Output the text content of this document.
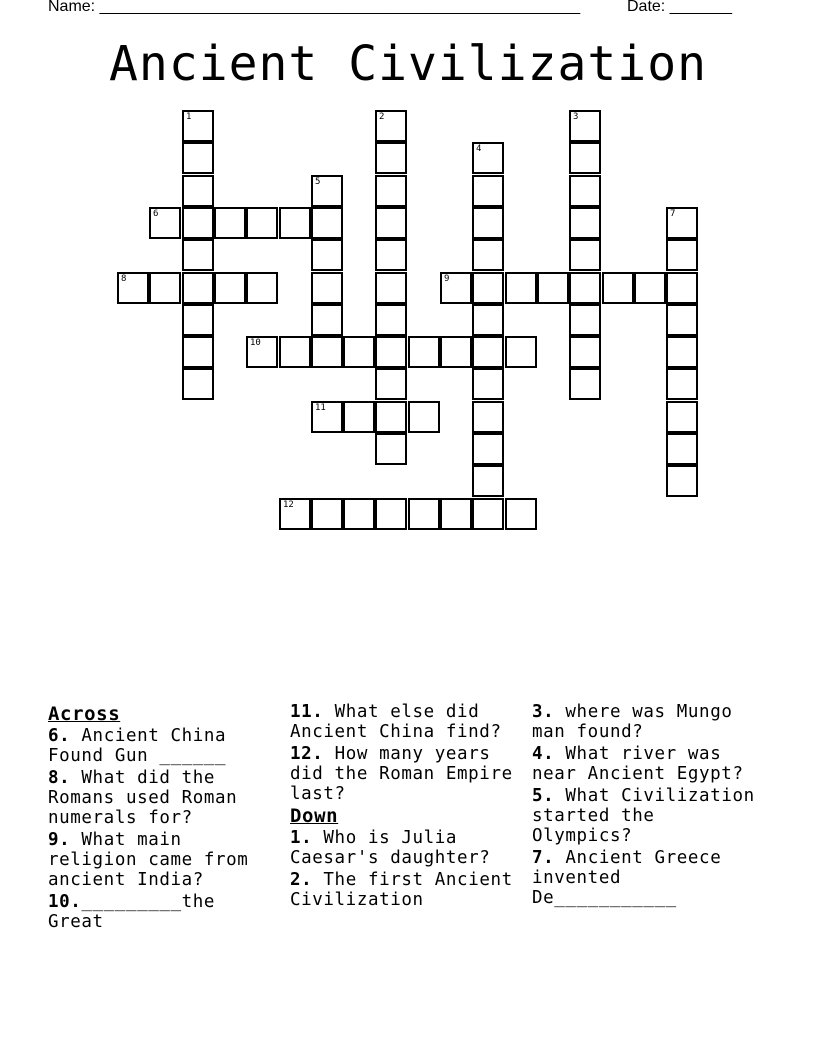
Name: ______________________________________________________	Date: _______
Ancient Civilization
6
8	9
10
11
12
1	2	3
4
5
7
Across
6. Ancient China Found Gun ______
8. What did the Romans used Roman numerals for?
9. What main religion came from ancient India?
10._________the Great
11. What else did Ancient China find?
12. How many years did the Roman Empire last?
Down
1. Who is Julia Caesar's daughter?
2. The first Ancient Civilization
3. where was Mungo man found?
4. What river was near Ancient Egypt?
5. What Civilization started the Olympics?
7. Ancient Greece invented De___________
